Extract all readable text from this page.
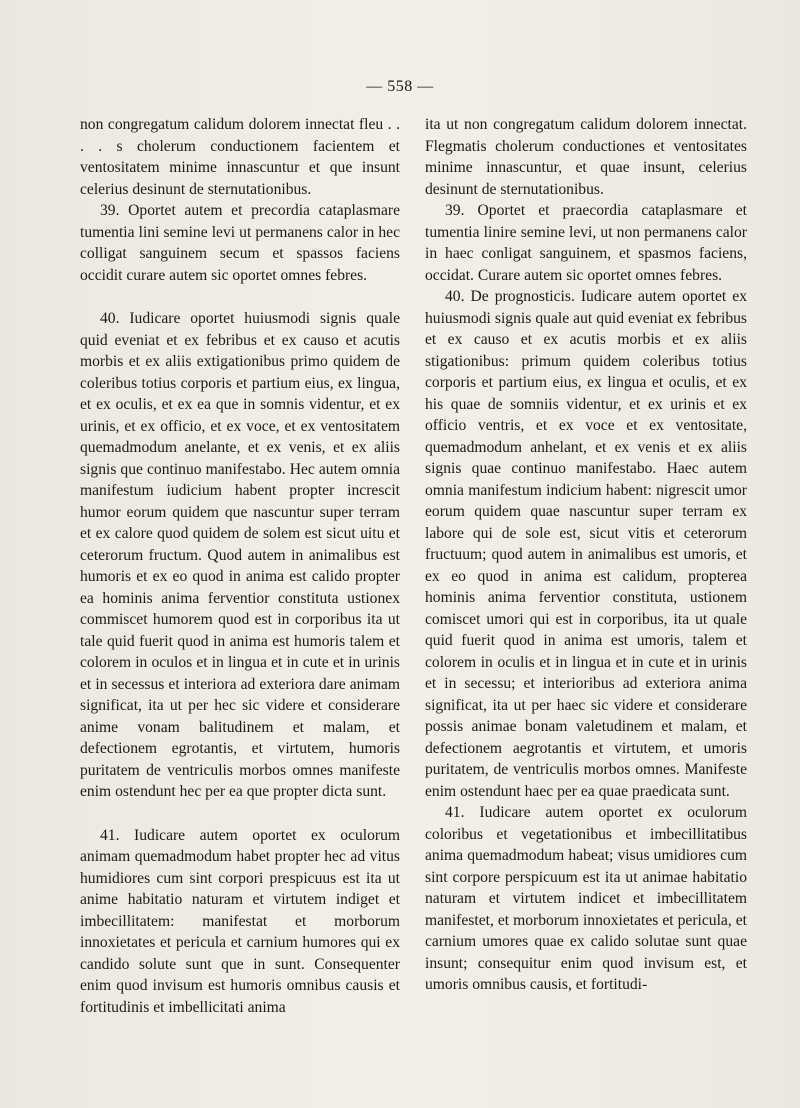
— 558 —

non congregatum calidum dolorem innectat fleu . . . . s cholerum conductionem facientem et ventositatem minime innascuntur et que insunt celerius desinunt de sternutationibus.

39. Oportet autem et precordia cataplasmare tumentia lini semine levi ut permanens calor in hec colligat sanguinem secum et spassos faciens occidit curare autem sic oportet omnes febres.

40. Iudicare oportet huiusmodi signis quale quid eveniat et ex febribus et ex causo et acutis morbis et ex aliis extigationibus primo quidem de coleribus totius corporis et partium eius, ex lingua, et ex oculis, et ex ea que in somnis videntur, et ex urinis, et ex officio, et ex voce, et ex ventositatem quemadmodum anelante, et ex venis, et ex aliis signis que continuo manifestabo. Hec autem omnia manifestum iudicium habent propter increscit humor eorum quidem que nascuntur super terram et ex calore quod quidem de solem est sicut uitu et ceterorum fructum. Quod autem in animalibus est humoris et ex eo quod in anima est calido propter ea hominis anima ferventior constituta ustionex commiscet humorem quod est in corporibus ita ut tale quid fuerit quod in anima est humoris talem et colorem in oculos et in lingua et in cute et in urinis et in secessus et interiora ad exteriora dare animam significat, ita ut per hec sic videre et considerare anime vonam balitudinem et malam, et defectionem egrotantis, et virtutem, humoris puritatem de ventriculis morbos omnes manifeste enim ostendunt hec per ea que propter dicta sunt.

41. Iudicare autem oportet ex oculorum animam quemadmodum habet propter hec ad vitus humidiores cum sint corpori prespicuus est ita ut anime habitatio naturam et virtutem indiget et imbecillitatem: manifestat et morborum innoxietates et pericula et carnium humores qui ex candido solute sunt que in sunt. Consequenter enim quod invisum est humoris omnibus causis et fortitudinis et imbellicitati anima

ita ut non congregatum calidum dolorem innectat. Flegmatis cholerum conductiones et ventositates minime innascuntur, et quae insunt, celerius desinunt de sternutationibus.

39. Oportet et praecordia cataplasmare et tumentia linire semine levi, ut non permanens calor in haec conligat sanguinem, et spasmos faciens, occidat. Curare autem sic oportet omnes febres.

40. De prognosticis. Iudicare autem oportet ex huiusmodi signis quale aut quid eveniat ex febribus et ex causo et ex acutis morbis et ex aliis stigationibus: primum quidem coleribus totius corporis et partium eius, ex lingua et oculis, et ex his quae de somniis videntur, et ex urinis et ex officio ventris, et ex voce et ex ventositate, quemadmodum anhelant, et ex venis et ex aliis signis quae continuo manifestabo. Haec autem omnia manifestum indicium habent: nigrescit umor eorum quidem quae nascuntur super terram ex labore qui de sole est, sicut vitis et ceterorum fructuum; quod autem in animalibus est umoris, et ex eo quod in anima est calidum, propterea hominis anima ferventior constituta, ustionem comiscet umori qui est in corporibus, ita ut quale quid fuerit quod in anima est umoris, talem et colorem in oculis et in lingua et in cute et in urinis et in secessu; et interioribus ad exteriora anima significat, ita ut per haec sic videre et considerare possis animae bonam valetudinem et malam, et defectionem aegrotantis et virtutem, et umoris puritatem, de ventriculis morbos omnes. Manifeste enim ostendunt haec per ea quae praedicata sunt.

41. Iudicare autem oportet ex oculorum coloribus et vegetationibus et imbecillitatibus anima quemadmodum habeat; visus umidiores cum sint corpore perspicuum est ita ut animae habitatio naturam et virtutem indicet et imbecillitatem manifestet, et morborum innoxietates et pericula, et carnium umores quae ex calido solutae sunt quae insunt; consequitur enim quod invisum est, et umoris omnibus causis, et fortitudi-
